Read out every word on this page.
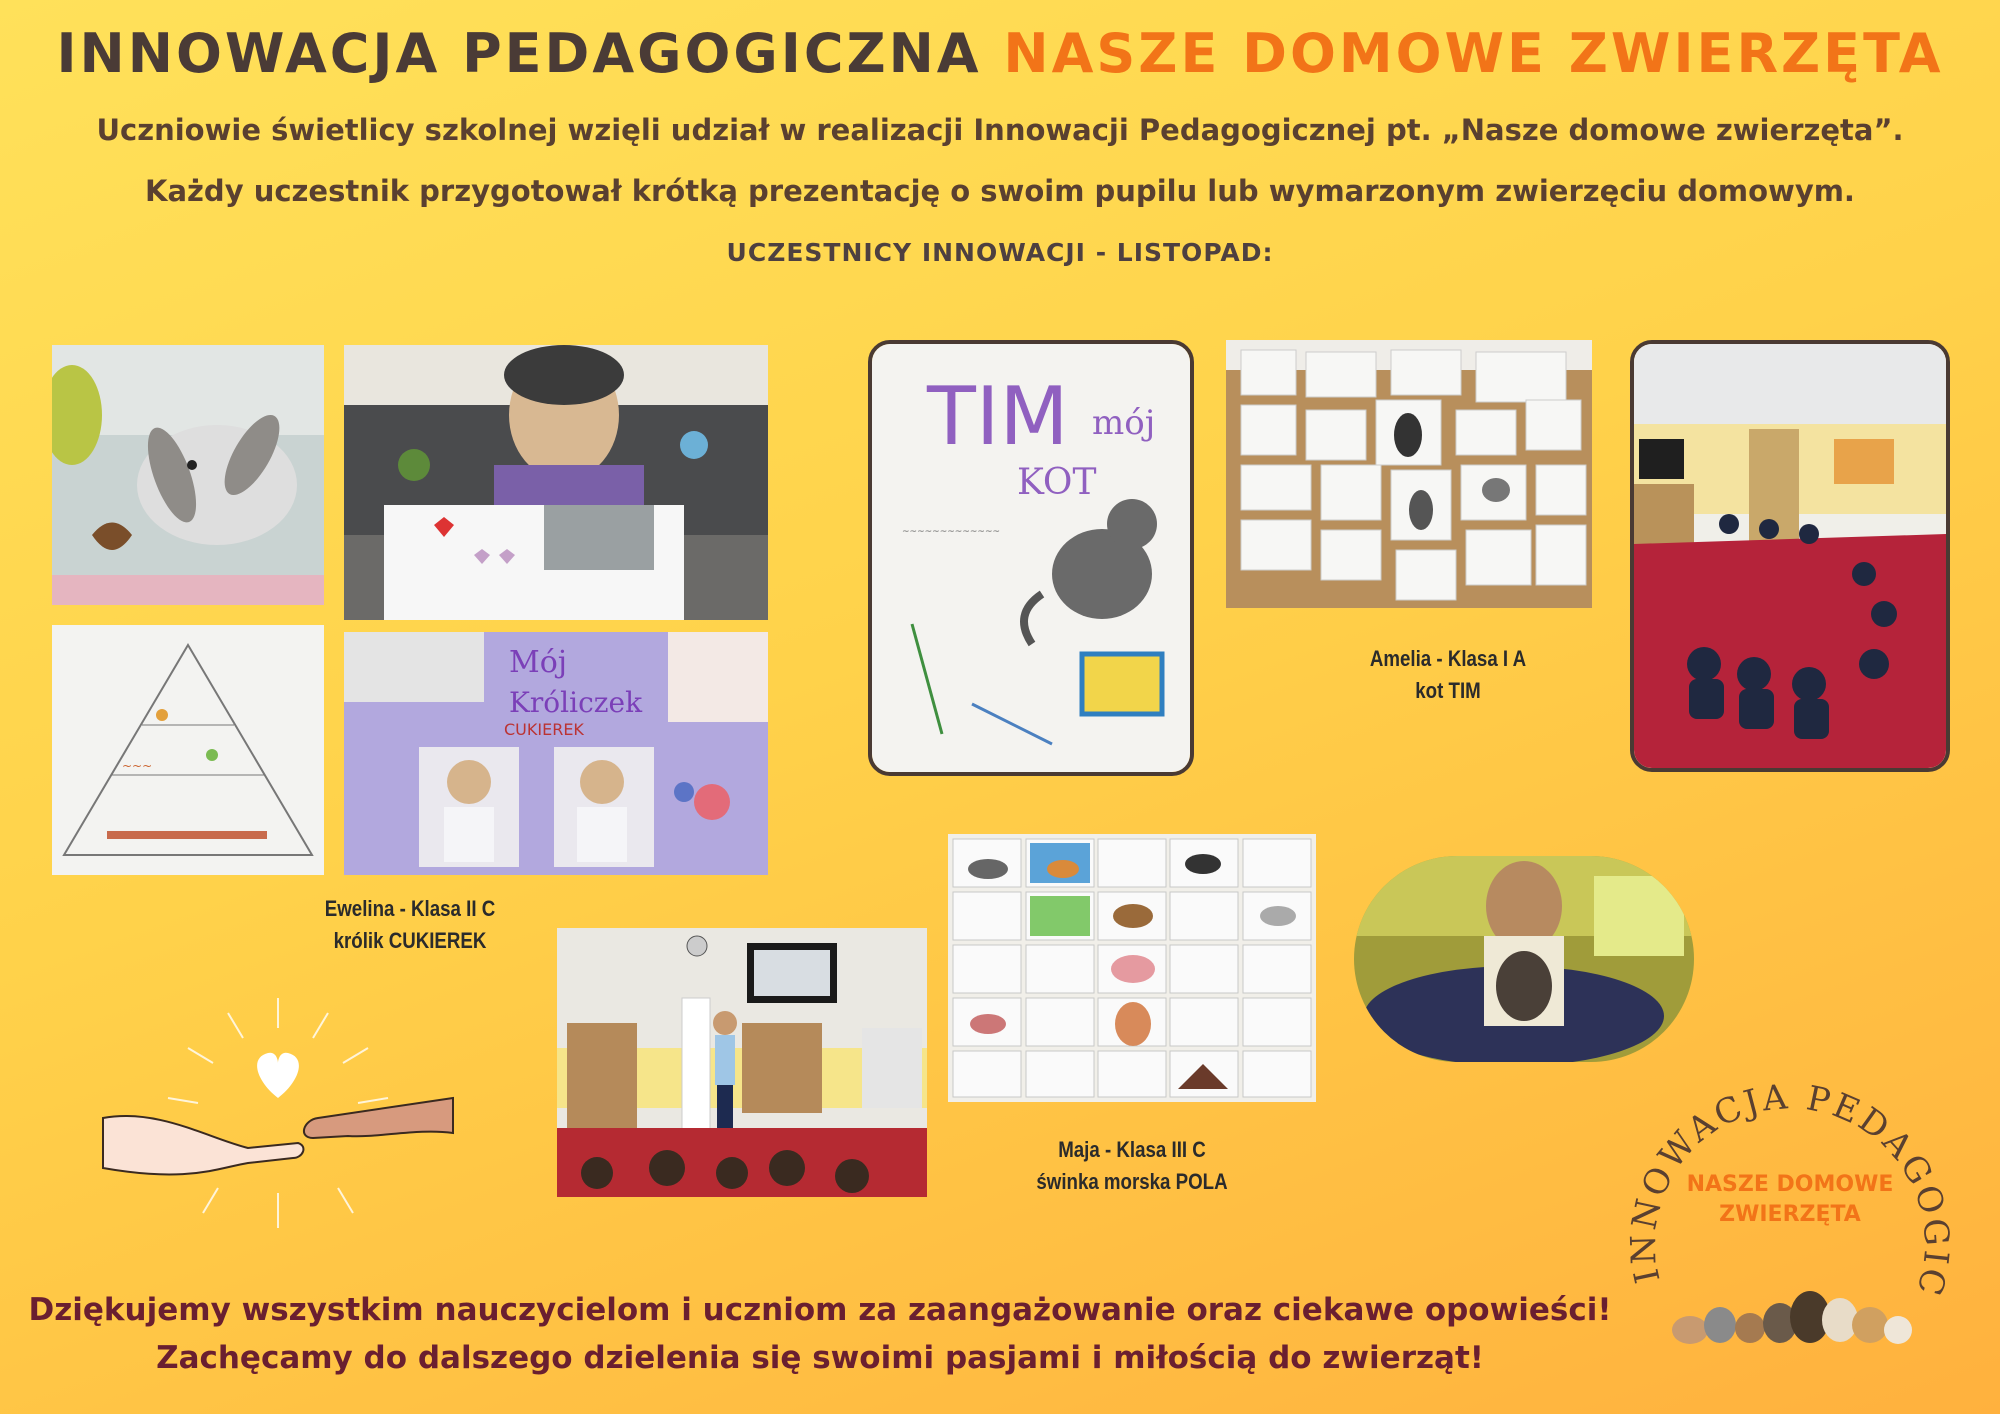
INNOWACJA PEDAGOGICZNA NASZE DOMOWE ZWIERZĘTA
Uczniowie świetlicy szkolnej wzięli udział w realizacji Innowacji Pedagogicznej pt. „Nasze domowe zwierzęta”.
Każdy uczestnik przygotował krótką prezentację o swoim pupilu lub wymarzonym zwierzęciu domowym.
UCZESTNICY INNOWACJI - LISTOPAD:
~~~
Mój
Króliczek
CUKIEREK
Ewelina - Klasa II C
królik CUKIEREK
TIM mój
KOT
~~~~~~~~~~~~~
Amelia - Klasa I A
kot TIM
Maja - Klasa III C
świnka morska POLA
INNOWACJA PEDAGOGIC
NASZE DOMOWE
ZWIERZĘTA
Dziękujemy wszystkim nauczycielom i uczniom za zaangażowanie oraz ciekawe opowieści!
Zachęcamy do dalszego dzielenia się swoimi pasjami i miłością do zwierząt!
